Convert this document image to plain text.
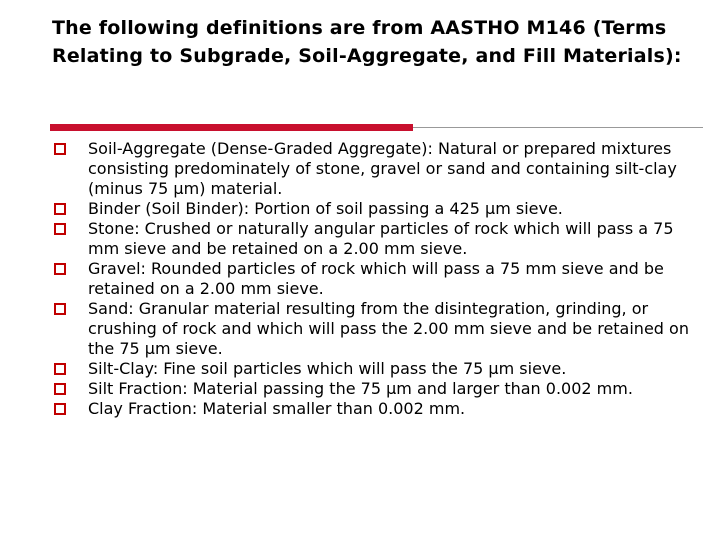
The following definitions are from AASTHO M146 (Terms Relating to Subgrade, Soil-Aggregate, and Fill Materials):
Soil-Aggregate (Dense-Graded Aggregate): Natural or prepared mixtures consisting predominately of stone, gravel or sand and containing silt-clay (minus 75 µm) material.
Binder (Soil Binder): Portion of soil passing a 425 µm sieve.
Stone: Crushed or naturally angular particles of rock which will pass a 75 mm sieve and be retained on a 2.00 mm sieve.
Gravel: Rounded particles of rock which will pass a 75 mm sieve and be retained on a 2.00 mm sieve.
Sand: Granular material resulting from the disintegration, grinding, or crushing of rock and which will pass the 2.00 mm sieve and be retained on the 75 µm sieve.
Silt-Clay: Fine soil particles which will pass the 75 µm sieve.
Silt Fraction: Material passing the 75 µm and larger than 0.002 mm.
Clay Fraction: Material smaller than 0.002 mm.
